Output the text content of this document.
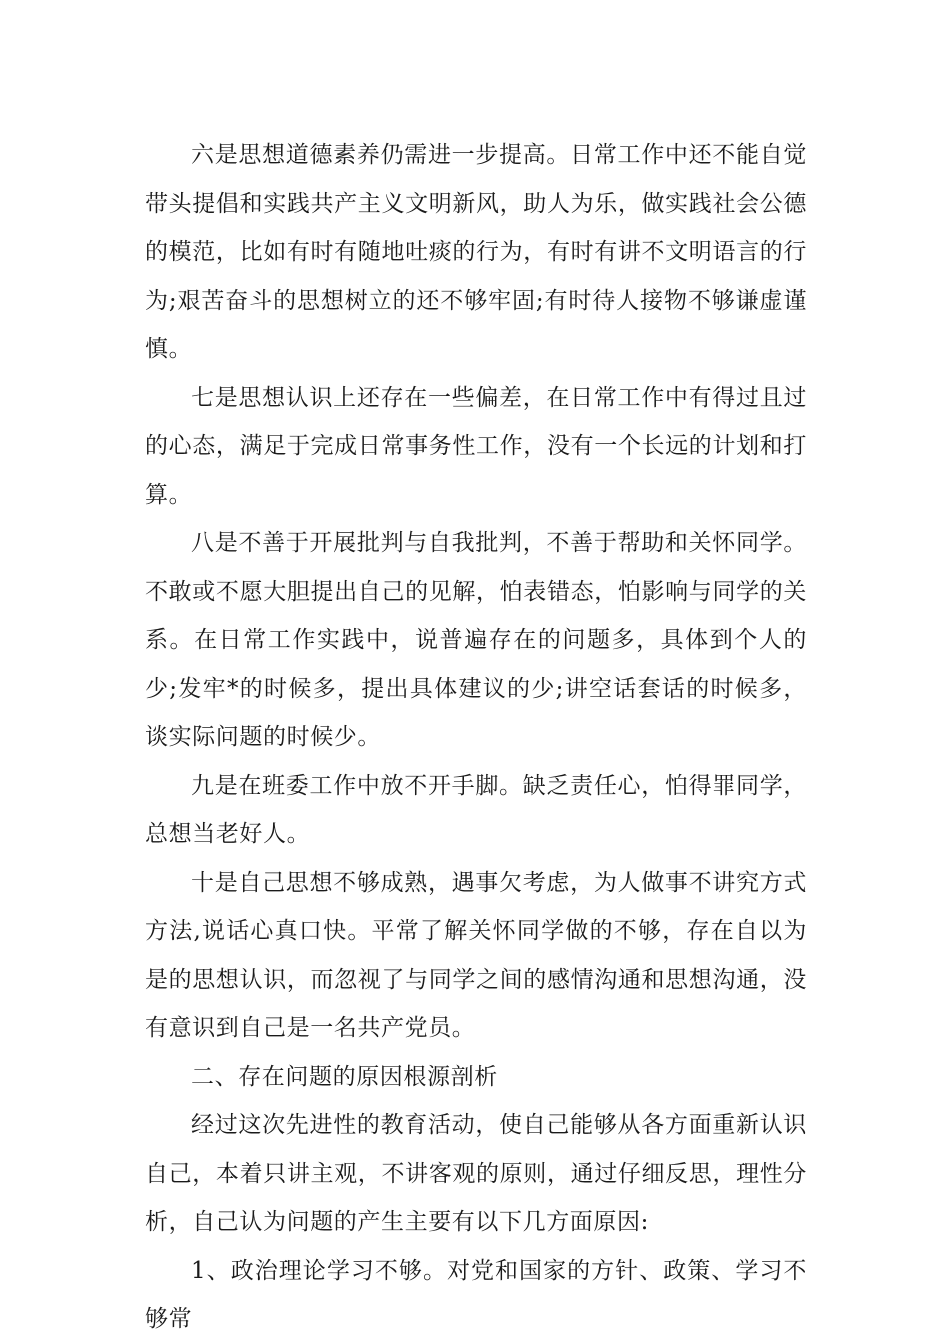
六是思想道德素养仍需进一步提高。日常工作中还不能自觉带头提倡和实践共产主义文明新风，助人为乐，做实践社会公德的模范，比如有时有随地吐痰的行为，有时有讲不文明语言的行为;艰苦奋斗的思想树立的还不够牢固;有时待人接物不够谦虚谨慎。

七是思想认识上还存在一些偏差，在日常工作中有得过且过的心态，满足于完成日常事务性工作，没有一个长远的计划和打算。

八是不善于开展批判与自我批判，不善于帮助和关怀同学。不敢或不愿大胆提出自己的见解，怕表错态，怕影响与同学的关系。在日常工作实践中，说普遍存在的问题多，具体到个人的少;发牢*的时候多，提出具体建议的少;讲空话套话的时候多，谈实际问题的时候少。

九是在班委工作中放不开手脚。缺乏责任心，怕得罪同学，总想当老好人。

十是自己思想不够成熟，遇事欠考虑，为人做事不讲究方式方法,说话心真口快。平常了解关怀同学做的不够，存在自以为是的思想认识，而忽视了与同学之间的感情沟通和思想沟通，没有意识到自己是一名共产党员。

二、存在问题的原因根源剖析

经过这次先进性的教育活动，使自己能够从各方面重新认识自己，本着只讲主观，不讲客观的原则，通过仔细反思，理性分析，自己认为问题的产生主要有以下几方面原因:

1、政治理论学习不够。对党和国家的方针、政策、学习不够常
